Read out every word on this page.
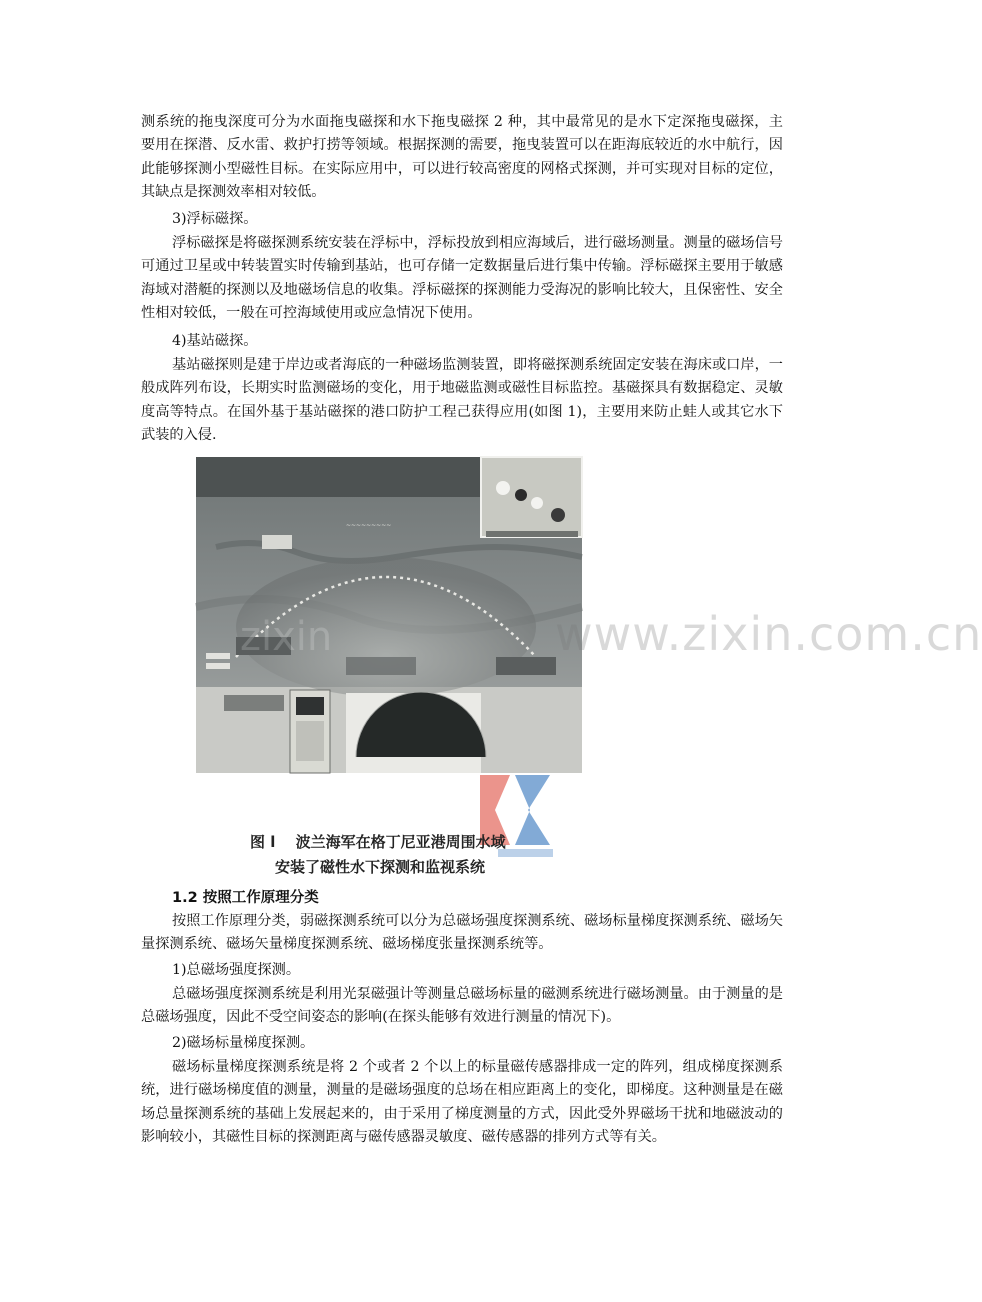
测系统的拖曳深度可分为水面拖曳磁探和水下拖曳磁探 2 种，其中最常见的是水下定深拖曳磁探，主要用在探潜、反水雷、救护打捞等领域。根据探测的需要，拖曳装置可以在距海底较近的水中航行，因此能够探测小型磁性目标。在实际应用中，可以进行较高密度的网格式探测，并可实现对目标的定位，其缺点是探测效率相对较低。

3)浮标磁探。

浮标磁探是将磁探测系统安装在浮标中，浮标投放到相应海域后，进行磁场测量。测量的磁场信号可通过卫星或中转装置实时传输到基站，也可存储一定数据量后进行集中传输。浮标磁探主要用于敏感海域对潜艇的探测以及地磁场信息的收集。浮标磁探的探测能力受海况的影响比较大，且保密性、安全性相对较低，一般在可控海域使用或应急情况下使用。

4)基站磁探。

基站磁探则是建于岸边或者海底的一种磁场监测装置，即将磁探测系统固定安装在海床或口岸，一般成阵列布设，长期实时监测磁场的变化，用于地磁监测或磁性目标监控。基磁探具有数据稳定、灵敏度高等特点。在国外基于基站磁探的港口防护工程己获得应用(如图 1)，主要用来防止蛙人或其它水下武装的入侵.

~~~~~~~~~
zixin	www.zixin.com.cn
图 l　 波兰海军在格丁尼亚港周围水域
安装了磁性水下探测和监视系统

1.2 按照工作原理分类

按照工作原理分类，弱磁探测系统可以分为总磁场强度探测系统、磁场标量梯度探测系统、磁场矢量探测系统、磁场矢量梯度探测系统、磁场梯度张量探测系统等。

1)总磁场强度探测。

总磁场强度探测系统是利用光泵磁强计等测量总磁场标量的磁测系统进行磁场测量。由于测量的是总磁场强度，因此不受空间姿态的影响(在探头能够有效进行测量的情况下)。

2)磁场标量梯度探测。

磁场标量梯度探测系统是将 2 个或者 2 个以上的标量磁传感器排成一定的阵列，组成梯度探测系统，进行磁场梯度值的测量，测量的是磁场强度的总场在相应距离上的变化，即梯度。这种测量是在磁场总量探测系统的基础上发展起来的，由于采用了梯度测量的方式，因此受外界磁场干扰和地磁波动的影响较小，其磁性目标的探测距离与磁传感器灵敏度、磁传感器的排列方式等有关。
